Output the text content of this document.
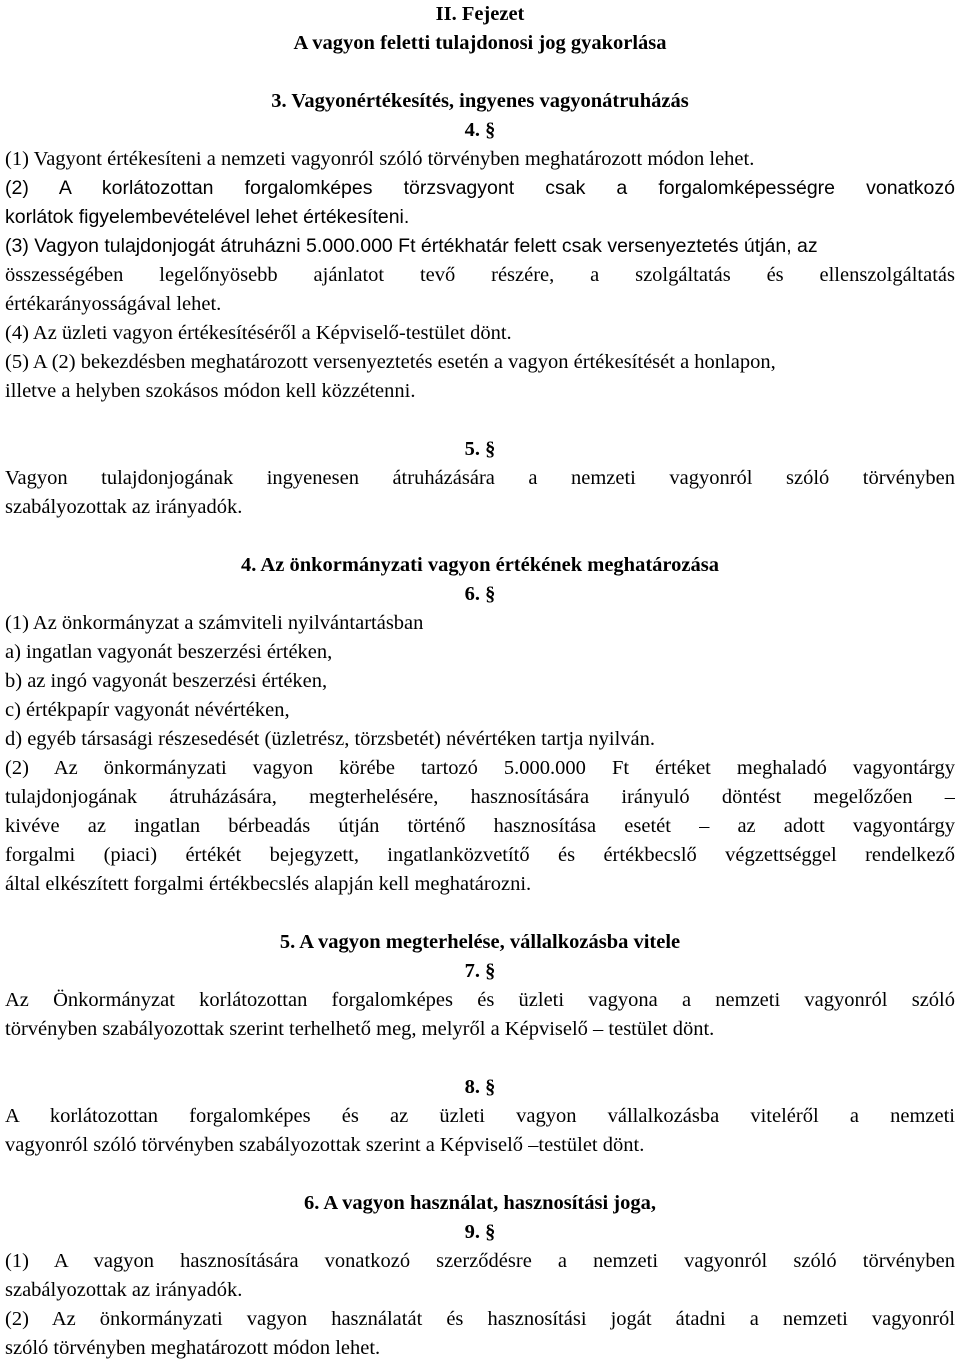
II. Fejezet
A vagyon feletti tulajdonosi jog gyakorlása
3. Vagyonértékesítés, ingyenes vagyonátruházás
4. §
(1) Vagyont értékesíteni a nemzeti vagyonról szóló törvényben meghatározott módon lehet.
(2) A korlátozottan forgalomképes törzsvagyont csak a forgalomképességre vonatkozó
korlátok figyelembevételével lehet értékesíteni.
(3) Vagyon tulajdonjogát átruházni 5.000.000 Ft értékhatár felett csak versenyeztetés útján, az
összességében legelőnyösebb ajánlatot tevő részére, a szolgáltatás és ellenszolgáltatás
értékarányosságával lehet.
(4) Az üzleti vagyon értékesítéséről a Képviselő-testület dönt.
(5) A (2) bekezdésben meghatározott versenyeztetés esetén a vagyon értékesítését a honlapon,
illetve a helyben szokásos módon kell közzétenni.
5. §
Vagyon tulajdonjogának ingyenesen átruházására a nemzeti vagyonról szóló törvényben
szabályozottak az irányadók.
4. Az önkormányzati vagyon értékének meghatározása
6. §
(1) Az önkormányzat a számviteli nyilvántartásban
a) ingatlan vagyonát beszerzési értéken,
b) az ingó vagyonát beszerzési értéken,
c) értékpapír vagyonát névértéken,
d) egyéb társasági részesedését (üzletrész, törzsbetét) névértéken tartja nyilván.
(2) Az önkormányzati vagyon körébe tartozó 5.000.000 Ft értéket meghaladó vagyontárgy
tulajdonjogának átruházására, megterhelésére, hasznosítására irányuló döntést megelőzően –
kivéve az ingatlan bérbeadás útján történő hasznosítása esetét – az adott vagyontárgy
forgalmi (piaci) értékét bejegyzett, ingatlanközvetítő és értékbecslő végzettséggel rendelkező
által elkészített forgalmi értékbecslés alapján kell meghatározni.
5. A vagyon megterhelése, vállalkozásba vitele
7. §
Az Önkormányzat korlátozottan forgalomképes és üzleti vagyona a nemzeti vagyonról szóló
törvényben szabályozottak szerint terhelhető meg, melyről a Képviselő – testület dönt.
8. §
A korlátozottan forgalomképes és az üzleti vagyon vállalkozásba viteléről a nemzeti
vagyonról szóló törvényben szabályozottak szerint a Képviselő –testület dönt.
6. A vagyon használat, hasznosítási joga,
9. §
(1) A vagyon hasznosítására vonatkozó szerződésre a nemzeti vagyonról szóló törvényben
szabályozottak az irányadók.
(2) Az önkormányzati vagyon használatát és hasznosítási jogát átadni a nemzeti vagyonról
szóló törvényben meghatározott módon lehet.
